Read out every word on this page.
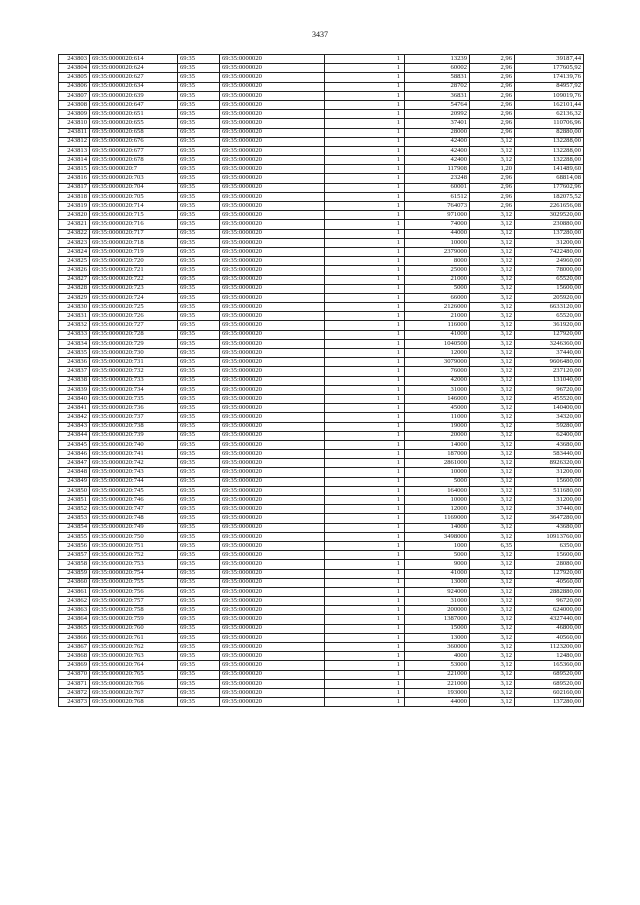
3437
243803	69:35:0000020:614	69:35	69:35:0000020	1	13239	2,96	39187,44
243804	69:35:0000020:624	69:35	69:35:0000020	1	60002	2,96	177605,92
243805	69:35:0000020:627	69:35	69:35:0000020	1	58831	2,96	174139,76
243806	69:35:0000020:634	69:35	69:35:0000020	1	28702	2,96	84957,92
243807	69:35:0000020:639	69:35	69:35:0000020	1	36831	2,96	109019,76
243808	69:35:0000020:647	69:35	69:35:0000020	1	54764	2,96	162101,44
243809	69:35:0000020:651	69:35	69:35:0000020	1	20992	2,96	62136,32
243810	69:35:0000020:655	69:35	69:35:0000020	1	37401	2,96	110706,96
243811	69:35:0000020:658	69:35	69:35:0000020	1	28000	2,96	82880,00
243812	69:35:0000020:676	69:35	69:35:0000020	1	42400	3,12	132288,00
243813	69:35:0000020:677	69:35	69:35:0000020	1	42400	3,12	132288,00
243814	69:35:0000020:678	69:35	69:35:0000020	1	42400	3,12	132288,00
243815	69:35:0000020:7	69:35	69:35:0000020	1	117908	1,20	141489,60
243816	69:35:0000020:703	69:35	69:35:0000020	1	23248	2,96	68814,08
243817	69:35:0000020:704	69:35	69:35:0000020	1	60001	2,96	177602,96
243818	69:35:0000020:705	69:35	69:35:0000020	1	61512	2,96	182075,52
243819	69:35:0000020:714	69:35	69:35:0000020	1	764073	2,96	2261656,08
243820	69:35:0000020:715	69:35	69:35:0000020	1	971000	3,12	3029520,00
243821	69:35:0000020:716	69:35	69:35:0000020	1	74000	3,12	230880,00
243822	69:35:0000020:717	69:35	69:35:0000020	1	44000	3,12	137280,00
243823	69:35:0000020:718	69:35	69:35:0000020	1	10000	3,12	31200,00
243824	69:35:0000020:719	69:35	69:35:0000020	1	2379000	3,12	7422480,00
243825	69:35:0000020:720	69:35	69:35:0000020	1	8000	3,12	24960,00
243826	69:35:0000020:721	69:35	69:35:0000020	1	25000	3,12	78000,00
243827	69:35:0000020:722	69:35	69:35:0000020	1	21000	3,12	65520,00
243828	69:35:0000020:723	69:35	69:35:0000020	1	5000	3,12	15600,00
243829	69:35:0000020:724	69:35	69:35:0000020	1	66000	3,12	205920,00
243830	69:35:0000020:725	69:35	69:35:0000020	1	2126000	3,12	6633120,00
243831	69:35:0000020:726	69:35	69:35:0000020	1	21000	3,12	65520,00
243832	69:35:0000020:727	69:35	69:35:0000020	1	116000	3,12	361920,00
243833	69:35:0000020:728	69:35	69:35:0000020	1	41000	3,12	127920,00
243834	69:35:0000020:729	69:35	69:35:0000020	1	1040500	3,12	3246360,00
243835	69:35:0000020:730	69:35	69:35:0000020	1	12000	3,12	37440,00
243836	69:35:0000020:731	69:35	69:35:0000020	1	3079000	3,12	9606480,00
243837	69:35:0000020:732	69:35	69:35:0000020	1	76000	3,12	237120,00
243838	69:35:0000020:733	69:35	69:35:0000020	1	42000	3,12	131040,00
243839	69:35:0000020:734	69:35	69:35:0000020	1	31000	3,12	96720,00
243840	69:35:0000020:735	69:35	69:35:0000020	1	146000	3,12	455520,00
243841	69:35:0000020:736	69:35	69:35:0000020	1	45000	3,12	140400,00
243842	69:35:0000020:737	69:35	69:35:0000020	1	11000	3,12	34320,00
243843	69:35:0000020:738	69:35	69:35:0000020	1	19000	3,12	59280,00
243844	69:35:0000020:739	69:35	69:35:0000020	1	20000	3,12	62400,00
243845	69:35:0000020:740	69:35	69:35:0000020	1	14000	3,12	43680,00
243846	69:35:0000020:741	69:35	69:35:0000020	1	187000	3,12	583440,00
243847	69:35:0000020:742	69:35	69:35:0000020	1	2861000	3,12	8926320,00
243848	69:35:0000020:743	69:35	69:35:0000020	1	10000	3,12	31200,00
243849	69:35:0000020:744	69:35	69:35:0000020	1	5000	3,12	15600,00
243850	69:35:0000020:745	69:35	69:35:0000020	1	164000	3,12	511680,00
243851	69:35:0000020:746	69:35	69:35:0000020	1	10000	3,12	31200,00
243852	69:35:0000020:747	69:35	69:35:0000020	1	12000	3,12	37440,00
243853	69:35:0000020:748	69:35	69:35:0000020	1	1169000	3,12	3647280,00
243854	69:35:0000020:749	69:35	69:35:0000020	1	14000	3,12	43680,00
243855	69:35:0000020:750	69:35	69:35:0000020	1	3498000	3,12	10913760,00
243856	69:35:0000020:751	69:35	69:35:0000020	1	1000	6,35	6350,00
243857	69:35:0000020:752	69:35	69:35:0000020	1	5000	3,12	15600,00
243858	69:35:0000020:753	69:35	69:35:0000020	1	9000	3,12	28080,00
243859	69:35:0000020:754	69:35	69:35:0000020	1	41000	3,12	127920,00
243860	69:35:0000020:755	69:35	69:35:0000020	1	13000	3,12	40560,00
243861	69:35:0000020:756	69:35	69:35:0000020	1	924000	3,12	2882880,00
243862	69:35:0000020:757	69:35	69:35:0000020	1	31000	3,12	96720,00
243863	69:35:0000020:758	69:35	69:35:0000020	1	200000	3,12	624000,00
243864	69:35:0000020:759	69:35	69:35:0000020	1	1387000	3,12	4327440,00
243865	69:35:0000020:760	69:35	69:35:0000020	1	15000	3,12	46800,00
243866	69:35:0000020:761	69:35	69:35:0000020	1	13000	3,12	40560,00
243867	69:35:0000020:762	69:35	69:35:0000020	1	360000	3,12	1123200,00
243868	69:35:0000020:763	69:35	69:35:0000020	1	4000	3,12	12480,00
243869	69:35:0000020:764	69:35	69:35:0000020	1	53000	3,12	165360,00
243870	69:35:0000020:765	69:35	69:35:0000020	1	221000	3,12	689520,00
243871	69:35:0000020:766	69:35	69:35:0000020	1	221000	3,12	689520,00
243872	69:35:0000020:767	69:35	69:35:0000020	1	193000	3,12	602160,00
243873	69:35:0000020:768	69:35	69:35:0000020	1	44000	3,12	137280,00
